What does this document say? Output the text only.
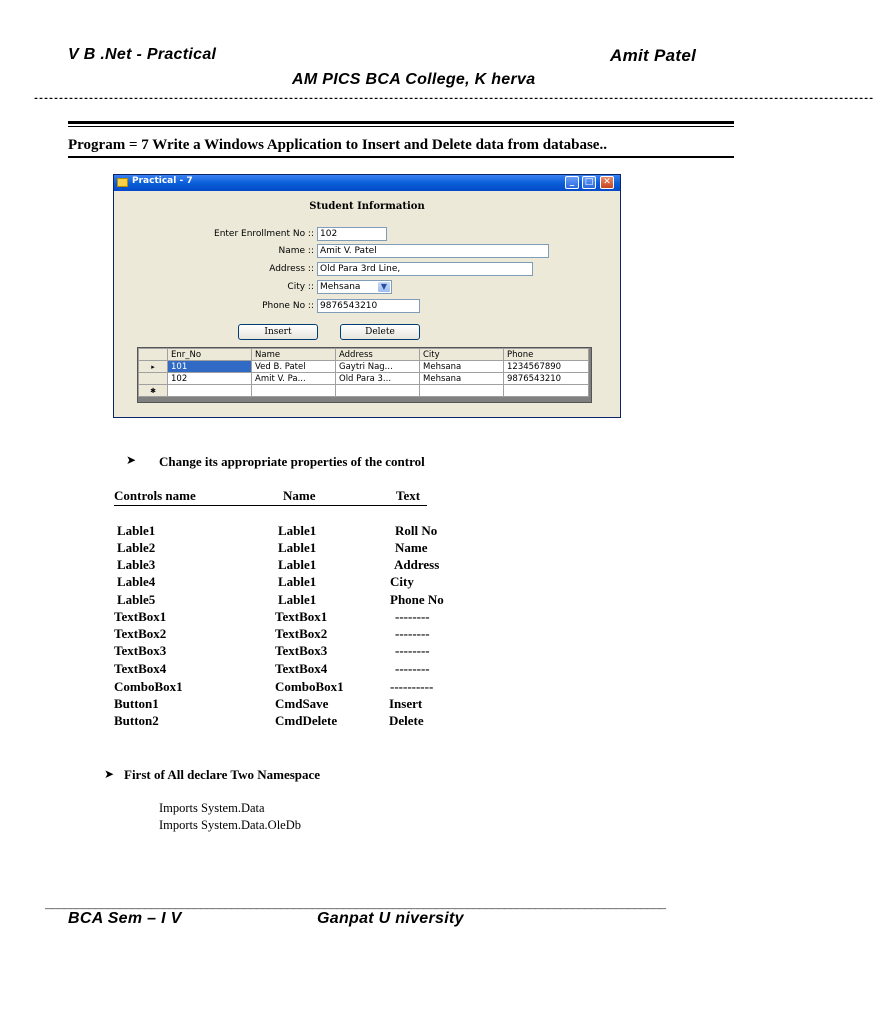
V B .Net - Practical	Amit Patel
AM PICS BCA College, K herva
------------------------------------------------------------------------------------------------------------------------------------------------------------------------
Program = 7 Write a Windows Application to Insert and Delete data from database..
Practical - 7	_	□	✕
Student Information
Enter Enrollment No :: 102
Name :: Amit V. Patel
Address :: Old Para 3rd Line,
City :: Mehsana	▼
Phone No :: 9876543210
Insert	Delete
	Enr_No	Name	Address	City	Phone
▸	101	Ved B. Patel	Gaytri Nag...	Mehsana	1234567890
	102	Amit V. Pa...	Old Para 3...	Mehsana	9876543210
✱					
➤ Change its appropriate properties of the control
Controls name	Name	Text
Lable1	Lable1	Roll No
Lable2	Lable1	Name
Lable3	Lable1	Address
Lable4	Lable1	City
Lable5	Lable1	Phone No
TextBox1	TextBox1	--------
TextBox2	TextBox2	--------
TextBox3	TextBox3	--------
TextBox4	TextBox4	--------
ComboBox1	ComboBox1	----------
Button1	CmdSave	Insert
Button2	CmdDelete	Delete
➤ First of All declare Two Namespace
Imports System.Data
Imports System.Data.OleDb
____________________________________________________________________________________________________
BCA Sem – I V	Ganpat U niversity
